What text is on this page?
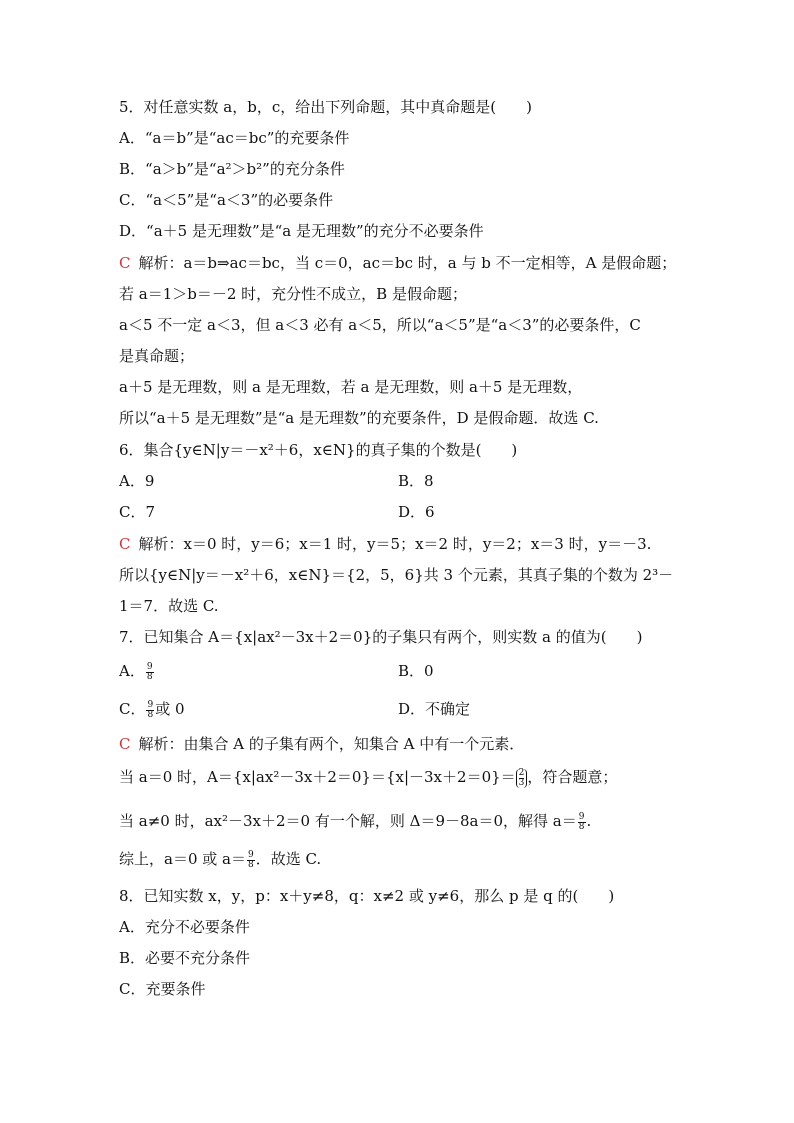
5．对任意实数 a，b，c，给出下列命题，其中真命题是(　　)
A．“a＝b”是“ac＝bc”的充要条件
B．“a＞b”是“a²＞b²”的充分条件
C．“a＜5”是“a＜3”的必要条件
D．“a＋5 是无理数”是“a 是无理数”的充分不必要条件
C 解析：a＝b⇒ac＝bc，当 c＝0，ac＝bc 时，a 与 b 不一定相等，A 是假命题；
若 a＝1＞b＝－2 时，充分性不成立，B 是假命题；
a＜5 不一定 a＜3，但 a＜3 必有 a＜5，所以“a＜5”是“a＜3”的必要条件，C
是真命题；
a＋5 是无理数，则 a 是无理数，若 a 是无理数，则 a＋5 是无理数，
所以“a＋5 是无理数”是“a 是无理数”的充要条件，D 是假命题．故选 C.
6．集合{y∈N|y＝－x²＋6，x∈N}的真子集的个数是(　　)
A．9	B．8
C．7	D．6
C 解析：x＝0 时，y＝6；x＝1 时，y＝5；x＝2 时，y＝2；x＝3 时，y＝－3.
所以{y∈N|y＝－x²＋6，x∈N}＝{2，5，6}共 3 个元素，其真子集的个数为 2³－
1＝7．故选 C.
7．已知集合 A＝{x|ax²－3x＋2＝0}的子集只有两个，则实数 a 的值为(　　)
A． $\frac{9}{8}$	B．0
C． $\frac{9}{8}$ 或 0	D．不确定
C 解析：由集合 A 的子集有两个，知集合 A 中有一个元素．
当 a＝0 时，$A=\{x|ax^2-3x+2=0\}=\{x|-3x+2=0\}= \frac{2}{3}$ ，符合题意；
当 a≠0 时，ax²－3x＋2＝0 有一个解，则 Δ＝9－8a＝0，解得 $a= \frac{9}{8}$ .
综上，a＝0 或 $a= \frac{9}{8}$ ．故选 C.
8．已知实数 x，y，p：x＋y≠8，q：x≠2 或 y≠6，那么 p 是 q 的(　　)
A．充分不必要条件
B．必要不充分条件
C．充要条件
